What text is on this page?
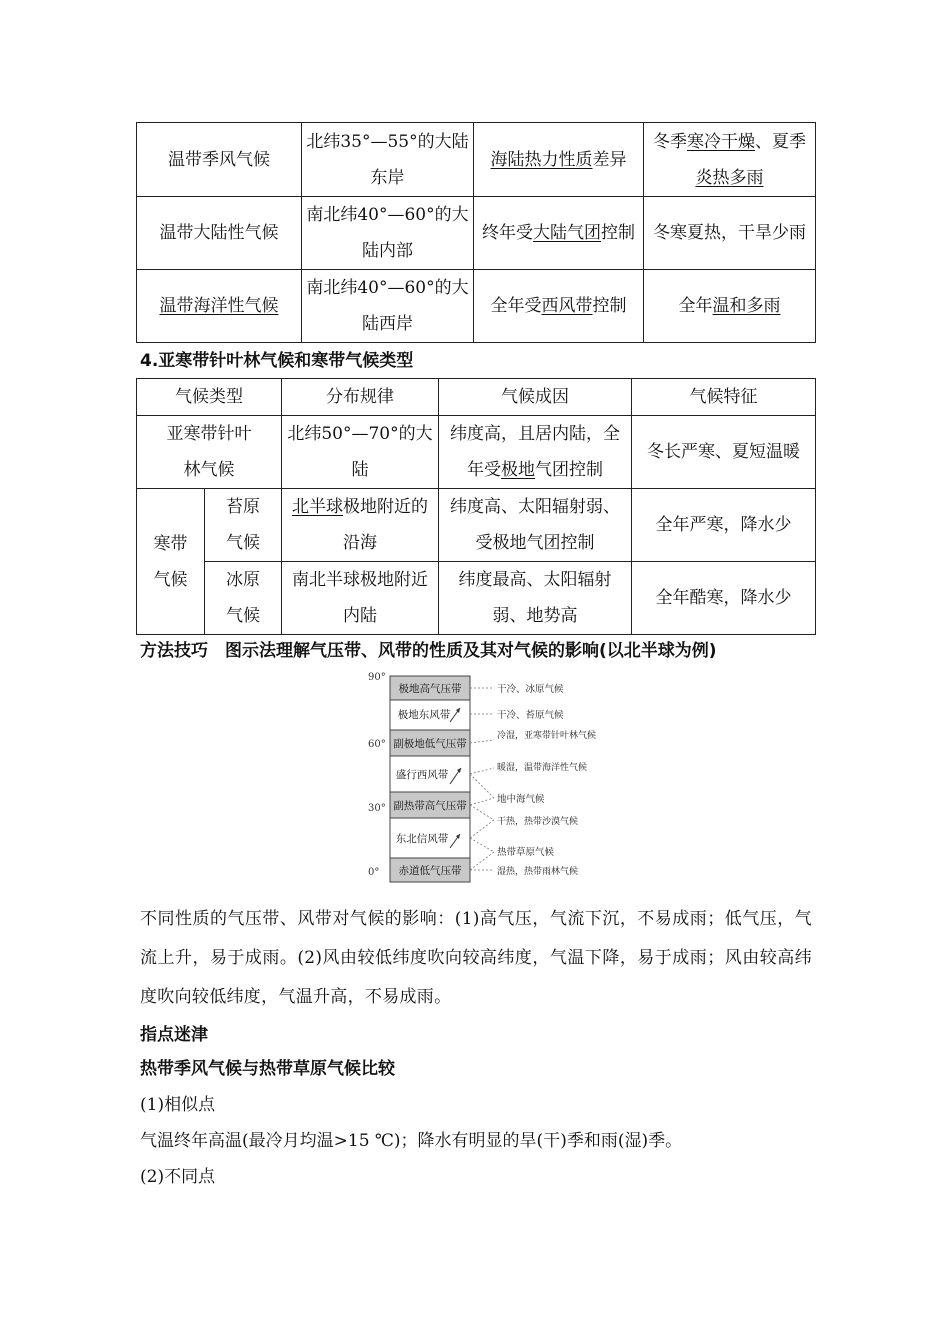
温带季风气候	北纬35°—55°的大陆东岸	海陆热力性质差异	冬季寒冷干燥、夏季炎热多雨
温带大陆性气候	南北纬40°—60°的大陆内部	终年受大陆气团控制	冬寒夏热，干旱少雨
温带海洋性气候	南北纬40°—60°的大陆西岸	全年受西风带控制	全年温和多雨
4.亚寒带针叶林气候和寒带气候类型
气候类型		分布规律	气候成因	气候特征

亚寒带针叶林气候		北纬50°—70°的大陆	纬度高，且居内陆，全年受极地气团控制	冬长严寒、夏短温暖

寒带气候	苔原气候	北半球极地附近的沿海	纬度高、太阳辐射弱、受极地气团控制	全年严寒，降水少

	冰原气候	南北半球极地附近内陆	纬度最高、太阳辐射弱、地势高	全年酷寒，降水少
方法技巧　图示法理解气压带、风带的性质及其对气候的影响(以北半球为例)
90°
60°
30°
0°
极地高气压带
极地东风带
副极地低气压带
盛行西风带
副热带高气压带
东北信风带
赤道低气压带
干冷、冰原气候
干冷、苔原气候
冷湿，亚寒带针叶林气候
暖湿，温带海洋性气候
地中海气候
干热，热带沙漠气候
热带草原气候
湿热，热带雨林气候
不同性质的气压带、风带对气候的影响：(1)高气压，气流下沉，不易成雨；低气压，气流上升，易于成雨。(2)风由较低纬度吹向较高纬度，气温下降，易于成雨；风由较高纬度吹向较低纬度，气温升高，不易成雨。
指点迷津
热带季风气候与热带草原气候比较
(1)相似点
气温终年高温(最冷月均温>15 ℃)；降水有明显的旱(干)季和雨(湿)季。
(2)不同点
